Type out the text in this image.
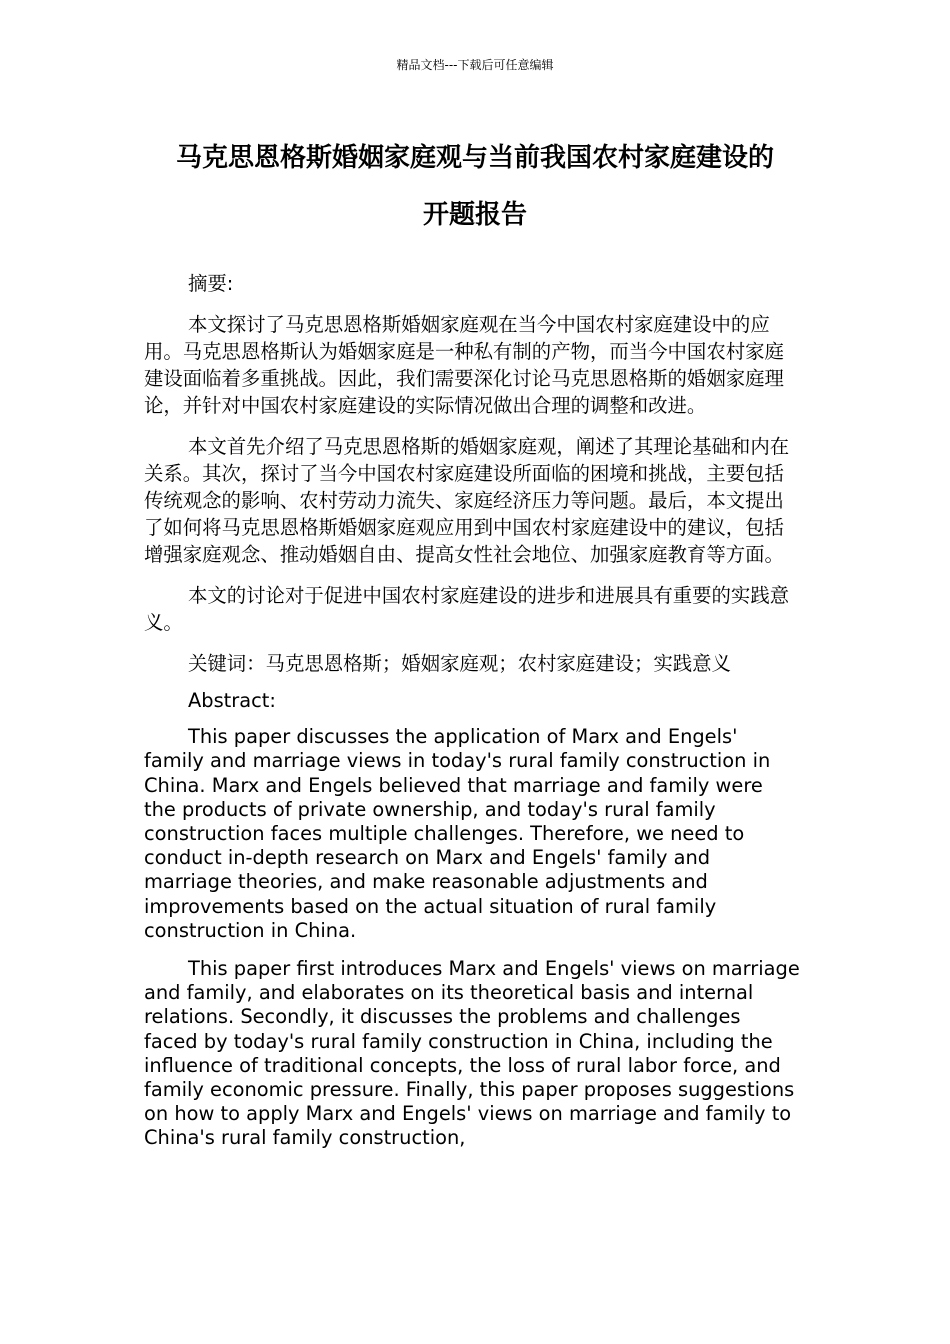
精品文档---下载后可任意编辑
马克思恩格斯婚姻家庭观与当前我国农村家庭建设的
开题报告

摘要:

本文探讨了马克思恩格斯婚姻家庭观在当今中国农村家庭建设中的应用。马克思恩格斯认为婚姻家庭是一种私有制的产物，而当今中国农村家庭建设面临着多重挑战。因此，我们需要深化讨论马克思恩格斯的婚姻家庭理论，并针对中国农村家庭建设的实际情况做出合理的调整和改进。

本文首先介绍了马克思恩格斯的婚姻家庭观，阐述了其理论基础和内在关系。其次，探讨了当今中国农村家庭建设所面临的困境和挑战，主要包括传统观念的影响、农村劳动力流失、家庭经济压力等问题。最后，本文提出了如何将马克思恩格斯婚姻家庭观应用到中国农村家庭建设中的建议，包括增强家庭观念、推动婚姻自由、提高女性社会地位、加强家庭教育等方面。

本文的讨论对于促进中国农村家庭建设的进步和进展具有重要的实践意义。

关键词：马克思恩格斯；婚姻家庭观；农村家庭建设；实践意义

Abstract:

This paper discusses the application of Marx and Engels' family and marriage views in today's rural family construction in China. Marx and Engels believed that marriage and family were the products of private ownership, and today's rural family construction faces multiple challenges. Therefore, we need to conduct in-depth research on Marx and Engels' family and marriage theories, and make reasonable adjustments and improvements based on the actual situation of rural family construction in China.

This paper first introduces Marx and Engels' views on marriage and family, and elaborates on its theoretical basis and internal relations. Secondly, it discusses the problems and challenges faced by today's rural family construction in China, including the influence of traditional concepts, the loss of rural labor force, and family economic pressure. Finally, this paper proposes suggestions on how to apply Marx and Engels' views on marriage and family to China's rural family construction,
